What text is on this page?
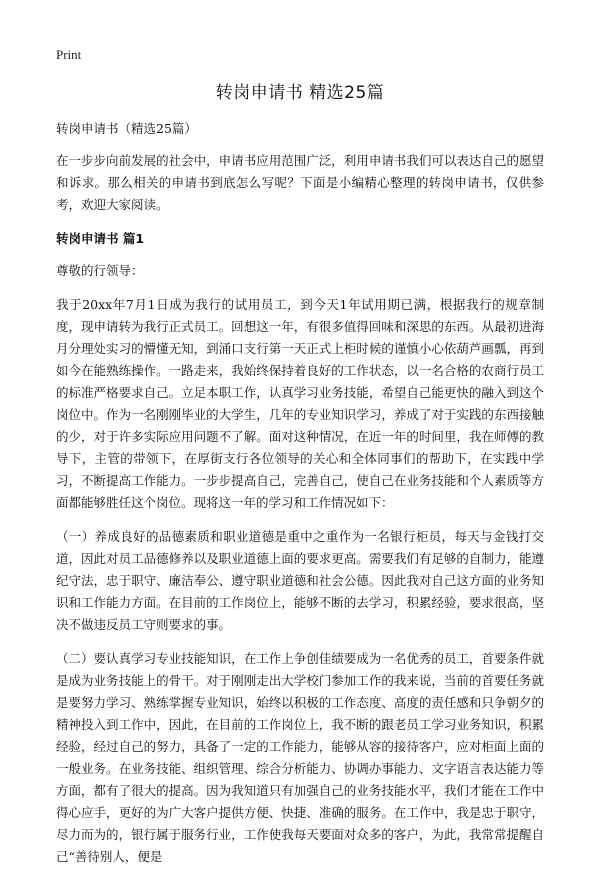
Print
转岗申请书 精选25篇

转岗申请书（精选25篇）

在一步步向前发展的社会中，申请书应用范围广泛，利用申请书我们可以表达自己的愿望和诉求。那么相关的申请书到底怎么写呢？下面是小编精心整理的转岗申请书，仅供参考，欢迎大家阅读。

转岗申请书 篇1

尊敬的行领导：

我于20xx年7月1日成为我行的试用员工，到今天1年试用期已满，根据我行的规章制度，现申请转为我行正式员工。回想这一年，有很多值得回味和深思的东西。从最初进海月分理处实习的懵懂无知，到涌口支行第一天正式上柜时候的谨慎小心依葫芦画瓢，再到如今在能熟练操作。一路走来，我始终保持着良好的工作状态，以一名合格的农商行员工的标准严格要求自己。立足本职工作，认真学习业务技能，希望自己能更快的融入到这个岗位中。作为一名刚刚毕业的大学生，几年的专业知识学习，养成了对于实践的东西接触的少，对于许多实际应用问题不了解。面对这种情况，在近一年的时间里，我在师傅的教导下，主管的带领下，在厚街支行各位领导的关心和全体同事们的帮助下，在实践中学习，不断提高工作能力。一步步提高自己，完善自己，使自己在业务技能和个人素质等方面都能够胜任这个岗位。现将这一年的学习和工作情况如下：

（一）养成良好的品德素质和职业道德是重中之重作为一名银行柜员，每天与金钱打交道，因此对员工品德修养以及职业道德上面的要求更高。需要我们有足够的自制力，能遵纪守法，忠于职守、廉洁奉公、遵守职业道德和社会公德。因此我对自己这方面的业务知识和工作能力方面。在目前的工作岗位上，能够不断的去学习，积累经验，要求很高，坚决不做违反员工守则要求的事。

（二）要认真学习专业技能知识，在工作上争创佳绩要成为一名优秀的员工，首要条件就是成为业务技能上的骨干。对于刚刚走出大学校门参加工作的我来说，当前的首要任务就是要努力学习、熟练掌握专业知识，始终以积极的工作态度、高度的责任感和只争朝夕的精神投入到工作中，因此，在目前的工作岗位上，我不断的跟老员工学习业务知识，积累经验，经过自己的努力，具备了一定的工作能力，能够从容的接待客户，应对柜面上面的一般业务。在业务技能、组织管理、综合分析能力、协调办事能力、文字语言表达能力等方面，都有了很大的提高。因为我知道只有加强自己的业务技能水平，我们才能在工作中得心应手，更好的为广大客户提供方便、快捷、准确的服务。在工作中，我是忠于职守，尽力而为的，银行属于服务行业，工作使我每天要面对众多的客户，为此，我常常提醒自己“善待别人，便是
